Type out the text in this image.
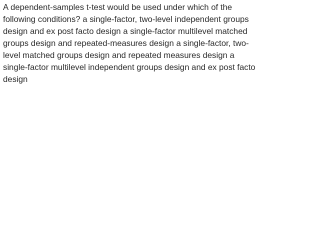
A dependent-samples t-test would be used under which of the following conditions? a single-factor, two-level independent groups design and ex post facto design a single-factor multilevel matched groups design and repeated-measures design a single-factor, two-level matched groups design and repeated measures design a single-factor multilevel independent groups design and ex post facto design
